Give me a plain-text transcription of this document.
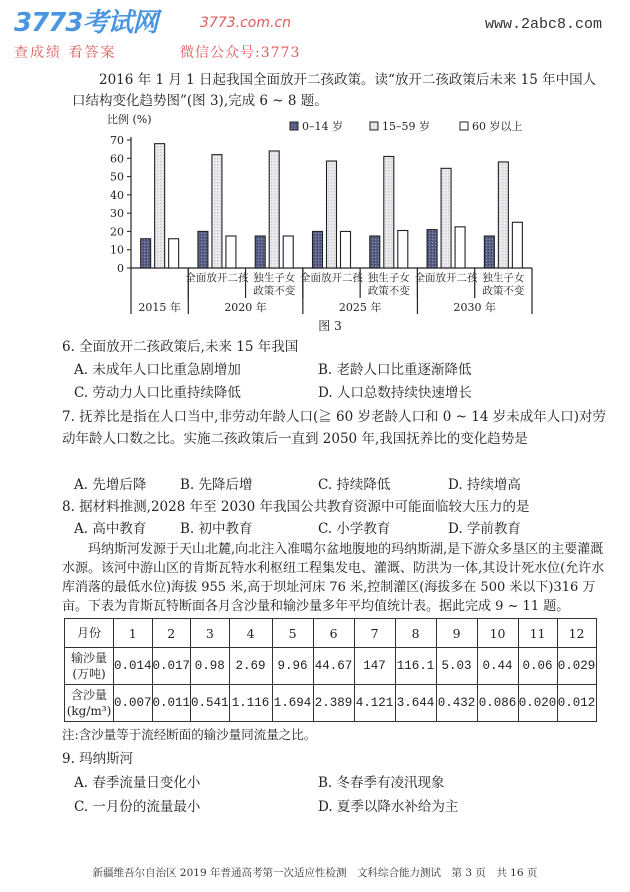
www.2abc8.com
2016 年 1 月 1 日起我国全面放开二孩政策。读“放开二孩政策后未来 15 年中国人口结构变化趋势图”(图 3),完成 6 ~ 8 题。
比例 (%)
0
10
20
30
40
50
60
70
全面放开二孩 独生子女政策不变
全面放开二孩 独生子女政策不变
全面放开二孩 独生子女政策不变
2015 年	2020 年	2025 年	2030 年
0–14 岁	15–59 岁	60 岁以上
图 3
6. 全面放开二孩政策后,未来 15 年我国
A. 未成年人口比重急剧增加	B. 老龄人口比重逐渐降低
C. 劳动力人口比重持续降低	D. 人口总数持续快速增长
7. 抚养比是指在人口当中,非劳动年龄人口(≧ 60 岁老龄人口和 0 ~ 14 岁未成年人口)对劳动年龄人口数之比。实施二孩政策后一直到 2050 年,我国抚养比的变化趋势是
A. 先增后降 B. 先降后增	C. 持续降低	D. 持续增高
8. 据材料推测,2028 年至 2030 年我国公共教育资源中可能面临较大压力的是
A. 高中教育 B. 初中教育	C. 小学教育	D. 学前教育
玛纳斯河发源于天山北麓,向北注入准噶尔盆地腹地的玛纳斯湖,是下游众多垦区的主要灌溉水源。该河中游山区的肯斯瓦特水利枢纽工程集发电、灌溉、防洪为一体,其设计死水位(允许水库消落的最低水位)海拔 955 米,高于坝址河床 76 米,控制灌区(海拔多在 500 米以下)316 万亩。下表为肯斯瓦特断面各月含沙量和输沙量多年平均值统计表。据此完成 9 ~ 11 题。
月份	1	2	3	4	5	6	7	8	9	10	11	12

输沙量
(万吨)	0.014	0.017	0.98	2.69	9.96	44.67	147	116.1	5.03	0.44	0.06	0.029

含沙量
(kg/m³)	0.007	0.011	0.541	1.116	1.694	2.389	4.121	3.644	0.432	0.086	0.020	0.012
注:含沙量等于流经断面的输沙量同流量之比。
9. 玛纳斯河
A. 春季流量日变化小	B. 冬春季有凌汛现象
C. 一月份的流量最小	D. 夏季以降水补给为主
新疆维吾尔自治区 2019 年普通高考第一次适应性检测　文科综合能力测试　第 3 页　共 16 页
3773考试网	3773.com.cn
查成绩 看答案	微信公众号:3773
